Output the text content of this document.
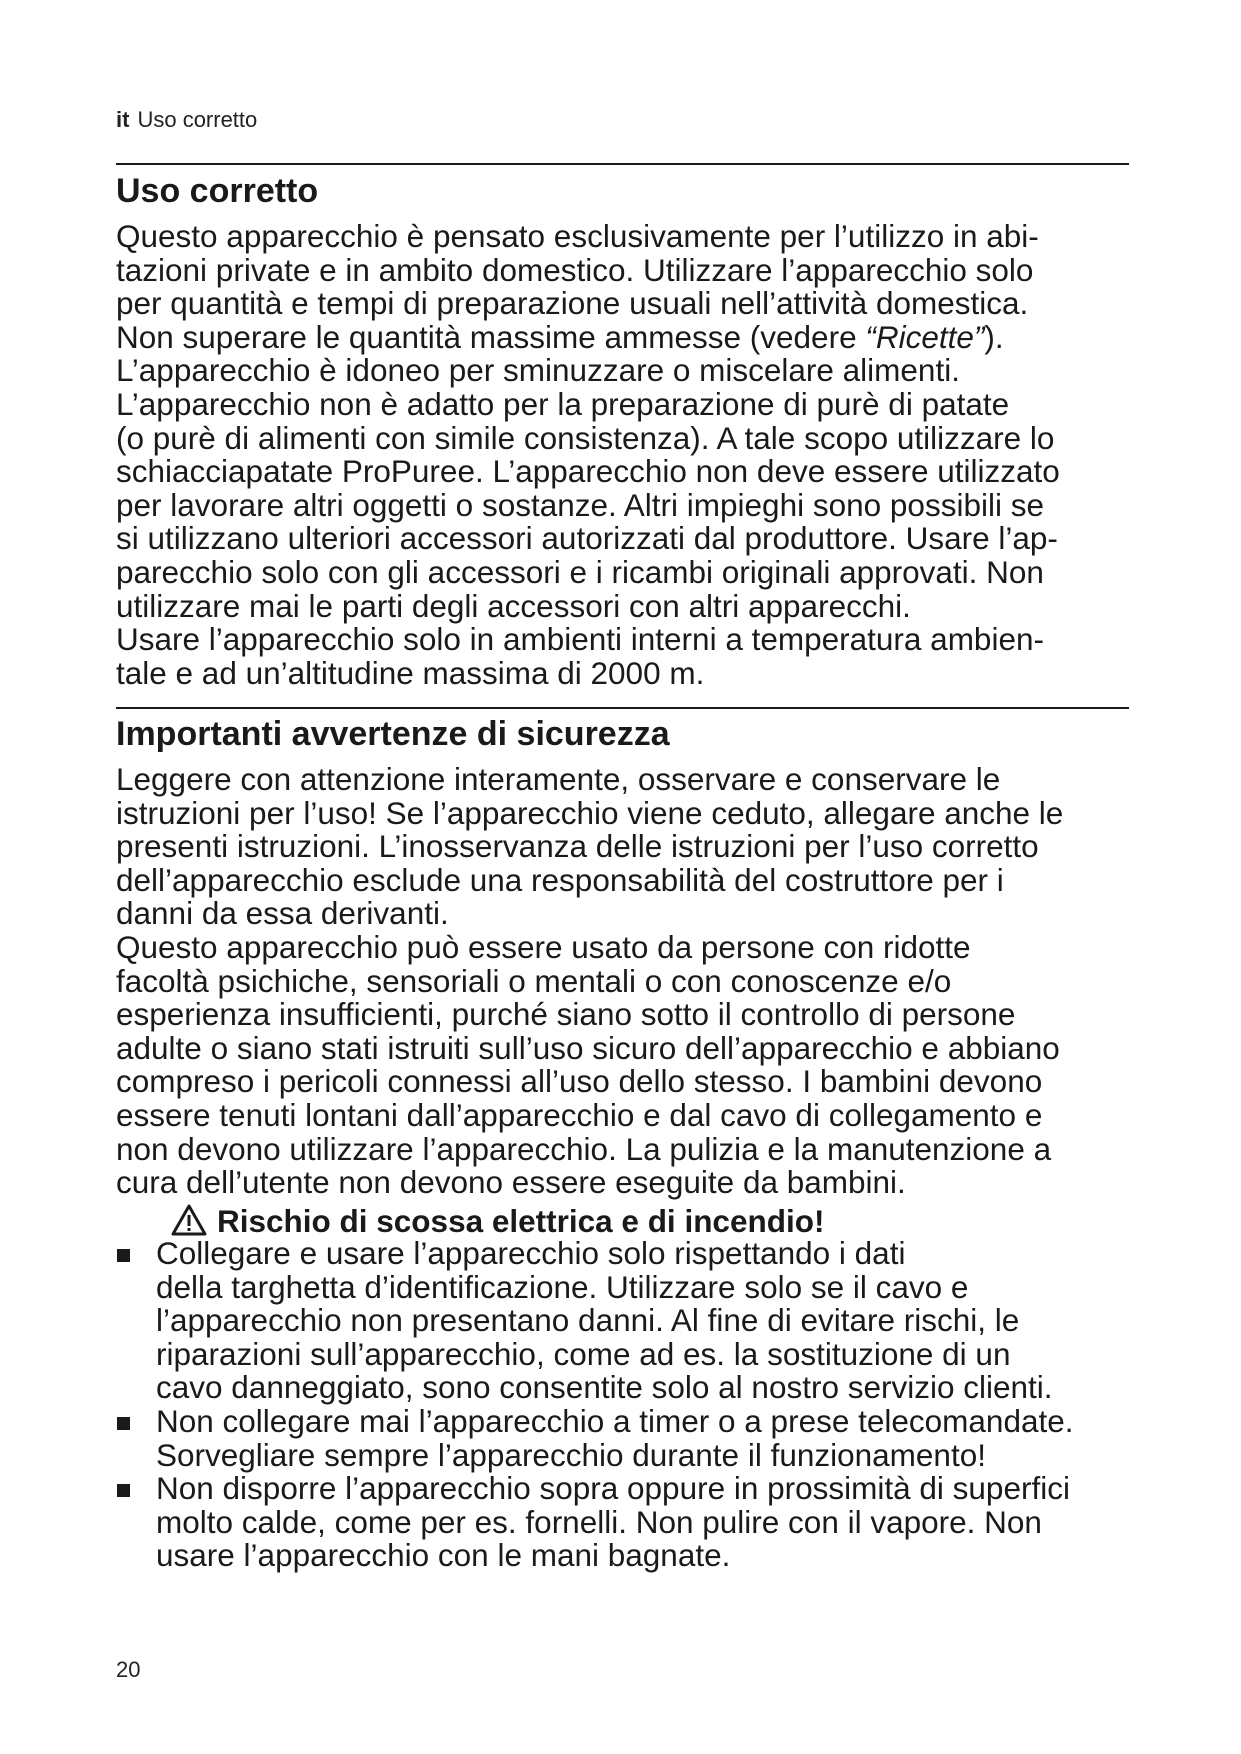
it Uso corretto
Uso corretto

Questo apparecchio è pensato esclusivamente per l’utilizzo in abi-
tazioni private e in ambito domestico. Utilizzare l’apparecchio solo
per quantità e tempi di preparazione usuali nell’attività domestica.
Non superare le quantità massime ammesse (vedere “Ricette”).
L’apparecchio è idoneo per sminuzzare o miscelare alimenti.
L’apparecchio non è adatto per la preparazione di purè di patate
(o purè di alimenti con simile consistenza). A tale scopo utilizzare lo
schiacciapatate ProPuree. L’apparecchio non deve essere utilizzato
per lavorare altri oggetti o sostanze. Altri impieghi sono possibili se
si utilizzano ulteriori accessori autorizzati dal produttore. Usare l’ap-
parecchio solo con gli accessori e i ricambi originali approvati. Non
utilizzare mai le parti degli accessori con altri apparecchi.
Usare l’apparecchio solo in ambienti interni a temperatura ambien-
tale e ad un’altitudine massima di 2000 m.

Importanti avvertenze di sicurezza

Leggere con attenzione interamente, osservare e conservare le
istruzioni per l’uso! Se l’apparecchio viene ceduto, allegare anche le
presenti istruzioni. L’inosservanza delle istruzioni per l’uso corretto
dell’apparecchio esclude una responsabilità del costruttore per i
danni da essa derivanti.
Questo apparecchio può essere usato da persone con ridotte
facoltà psichiche, sensoriali o mentali o con conoscenze e/o
esperienza insufficienti, purché siano sotto il controllo di persone
adulte o siano stati istruiti sull’uso sicuro dell’apparecchio e abbiano
compreso i pericoli connessi all’uso dello stesso. I bambini devono
essere tenuti lontani dall’apparecchio e dal cavo di collegamento e
non devono utilizzare l’apparecchio. La pulizia e la manutenzione a
cura dell’utente non devono essere eseguite da bambini.

Rischio di scossa elettrica e di incendio!
Collegare e usare l’apparecchio solo rispettando i dati
della targhetta d’identificazione. Utilizzare solo se il cavo e
l’apparecchio non presentano danni. Al fine di evitare rischi, le
riparazioni sull’apparecchio, come ad es. la sostituzione di un
cavo danneggiato, sono consentite solo al nostro servizio clienti.
Non collegare mai l’apparecchio a timer o a prese telecomandate.
Sorvegliare sempre l’apparecchio durante il funzionamento!
Non disporre l’apparecchio sopra oppure in prossimità di superfici
molto calde, come per es. fornelli. Non pulire con il vapore. Non
usare l’apparecchio con le mani bagnate.
20
